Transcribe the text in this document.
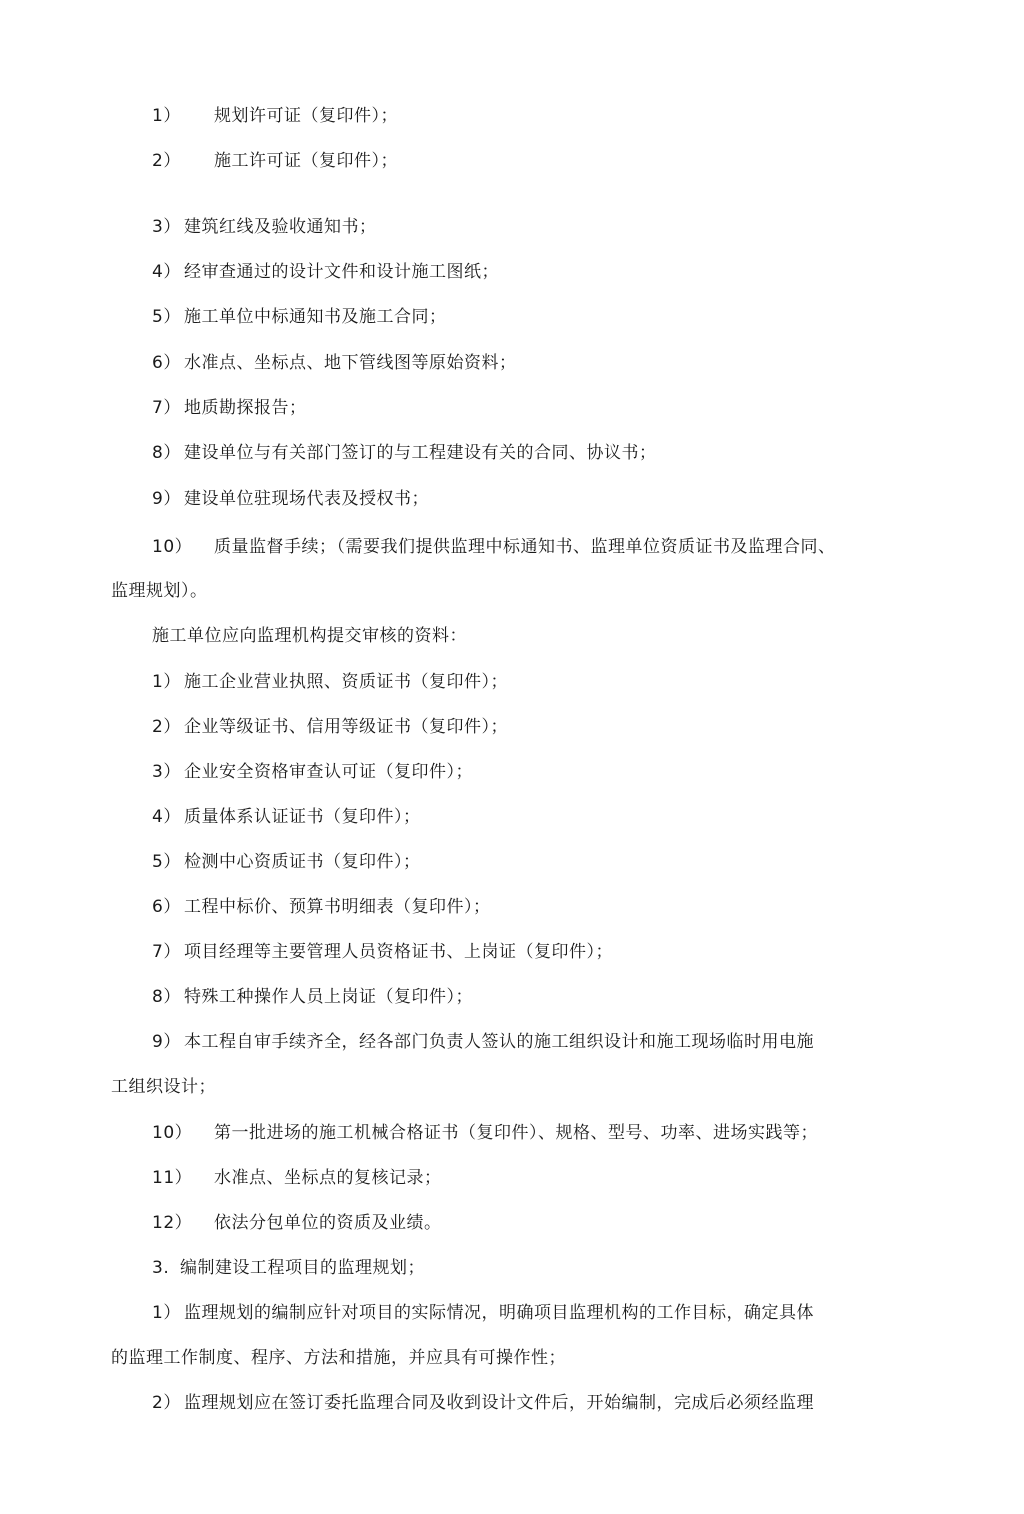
1） 规划许可证（复印件）；
2） 施工许可证（复印件）；
3） 建筑红线及验收通知书；
4） 经审查通过的设计文件和设计施工图纸；
5） 施工单位中标通知书及施工合同；
6） 水准点、坐标点、地下管线图等原始资料；
7） 地质勘探报告；
8） 建设单位与有关部门签订的与工程建设有关的合同、协议书；
9） 建设单位驻现场代表及授权书；
10） 质量监督手续；（需要我们提供监理中标通知书、监理单位资质证书及监理合同、
监理规划）。
施工单位应向监理机构提交审核的资料：
1） 施工企业营业执照、资质证书（复印件）；
2） 企业等级证书、信用等级证书（复印件）；
3） 企业安全资格审查认可证（复印件）；
4） 质量体系认证证书（复印件）；
5） 检测中心资质证书（复印件）；
6） 工程中标价、预算书明细表（复印件）；
7） 项目经理等主要管理人员资格证书、上岗证（复印件）；
8） 特殊工种操作人员上岗证（复印件）；
9） 本工程自审手续齐全，经各部门负责人签认的施工组织设计和施工现场临时用电施
工组织设计；
10） 第一批进场的施工机械合格证书（复印件）、规格、型号、功率、进场实践等；
11） 水准点、坐标点的复核记录；
12） 依法分包单位的资质及业绩。
3. 编制建设工程项目的监理规划；
1） 监理规划的编制应针对项目的实际情况，明确项目监理机构的工作目标，确定具体
的监理工作制度、程序、方法和措施，并应具有可操作性；
2） 监理规划应在签订委托监理合同及收到设计文件后，开始编制，完成后必须经监理
